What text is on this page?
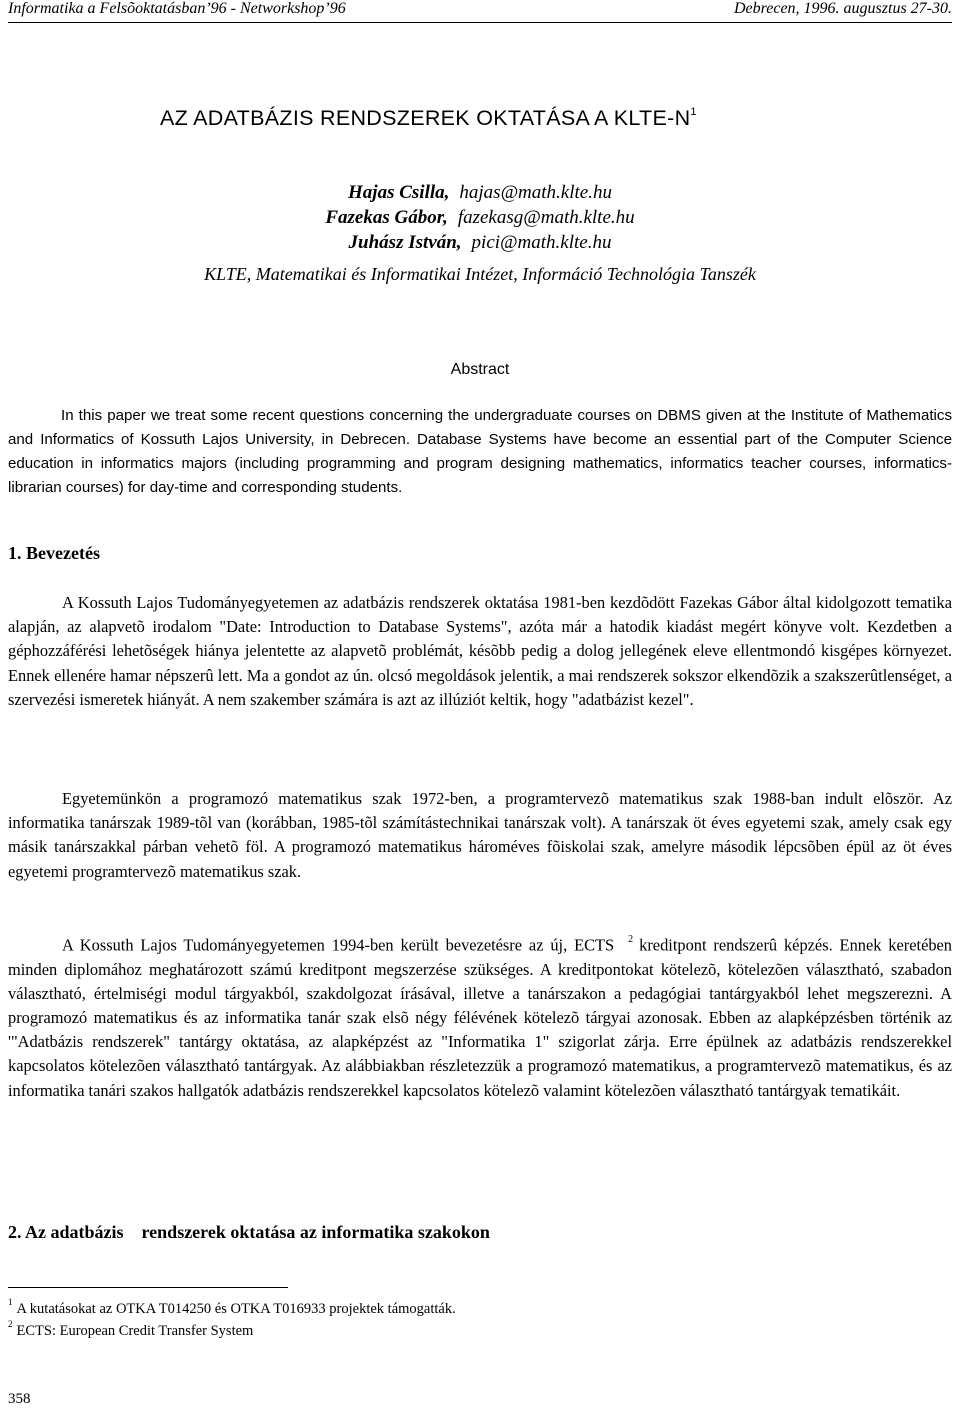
Informatika a Felsõoktatásban’96 - Networkshop’96	Debrecen, 1996. augusztus 27-30.
AZ ADATBÁZIS RENDSZEREK OKTATÁSA A KLTE-$N^1$
Hajas Csilla, hajas@math.klte.hu
Fazekas Gábor, fazekasg@math.klte.hu
Juhász István, pici@math.klte.hu
KLTE, Matematikai és Informatikai Intézet, Információ Technológia Tanszék
Abstract

In this paper we treat some recent questions concerning the undergraduate courses on DBMS given at the Institute of Mathematics and Informatics of Kossuth Lajos University, in Debrecen. Database Systems have become an essential part of the Computer Science education in informatics majors (including programming and program designing mathematics, informatics teacher courses, informatics-librarian courses) for day-time and corresponding students.

1. Bevezetés

A Kossuth Lajos Tudományegyetemen az adatbázis rendszerek oktatása 1981-ben kezdõdött Fazekas Gábor által kidolgozott tematika alapján, az alapvetõ irodalom "Date: Introduction to Database Systems", azóta már a hatodik kiadást megért könyve volt. Kezdetben a géphozzáférési lehetõségek hiánya jelentette az alapvetõ problémát, késõbb pedig a dolog jellegének eleve ellentmondó kisgépes környezet. Ennek ellenére hamar népszerû lett. Ma a gondot az ún. olcsó megoldások jelentik, a mai rendszerek sokszor elkendõzik a szakszerûtlenséget, a szervezési ismeretek hiányát. A nem szakember számára is azt az illúziót keltik, hogy "adatbázist kezel".

Egyetemünkön a programozó matematikus szak 1972-ben, a programtervezõ matematikus szak 1988-ban indult elõször. Az informatika tanárszak 1989-tõl van (korábban, 1985-tõl számítástechnikai tanárszak volt). A tanárszak öt éves egyetemi szak, amely csak egy másik tanárszakkal párban vehetõ föl. A programozó matematikus hároméves fõiskolai szak, amelyre második lépcsõben épül az öt éves egyetemi programtervezõ matematikus szak.

A Kossuth Lajos Tudományegyetemen 1994-ben került bevezetésre az új, ECTS $^2$ kreditpont rendszerû képzés. Ennek keretében minden diplomához meghatározott számú kreditpont megszerzése szükséges. A kreditpontokat kötelezõ, kötelezõen választható, szabadon választható, értelmiségi modul tárgyakból, szakdolgozat írásával, illetve a tanárszakon a pedagógiai tantárgyakból lehet megszerezni. A programozó matematikus és az informatika tanár szak elsõ négy félévének kötelezõ tárgyai azonosak. Ebben az alapképzésben történik az '"Adatbázis rendszerek" tantárgy oktatása, az alapképzést az "Informatika 1" szigorlat zárja. Erre épülnek az adatbázis rendszerekkel kapcsolatos kötelezõen választható tantárgyak. Az alábbiakban részletezzük a programozó matematikus, a programtervezõ matematikus, és az informatika tanári szakos hallgatók adatbázis rendszerekkel kapcsolatos kötelezõ valamint kötelezõen választható tantárgyak tematikáit.

2. Az adatbázis rendszerek oktatása az informatika szakokon
$^1$ A kutatásokat az OTKA T014250 és OTKA T016933 projektek támogatták.
$^2$ ECTS: European Credit Transfer System
358
